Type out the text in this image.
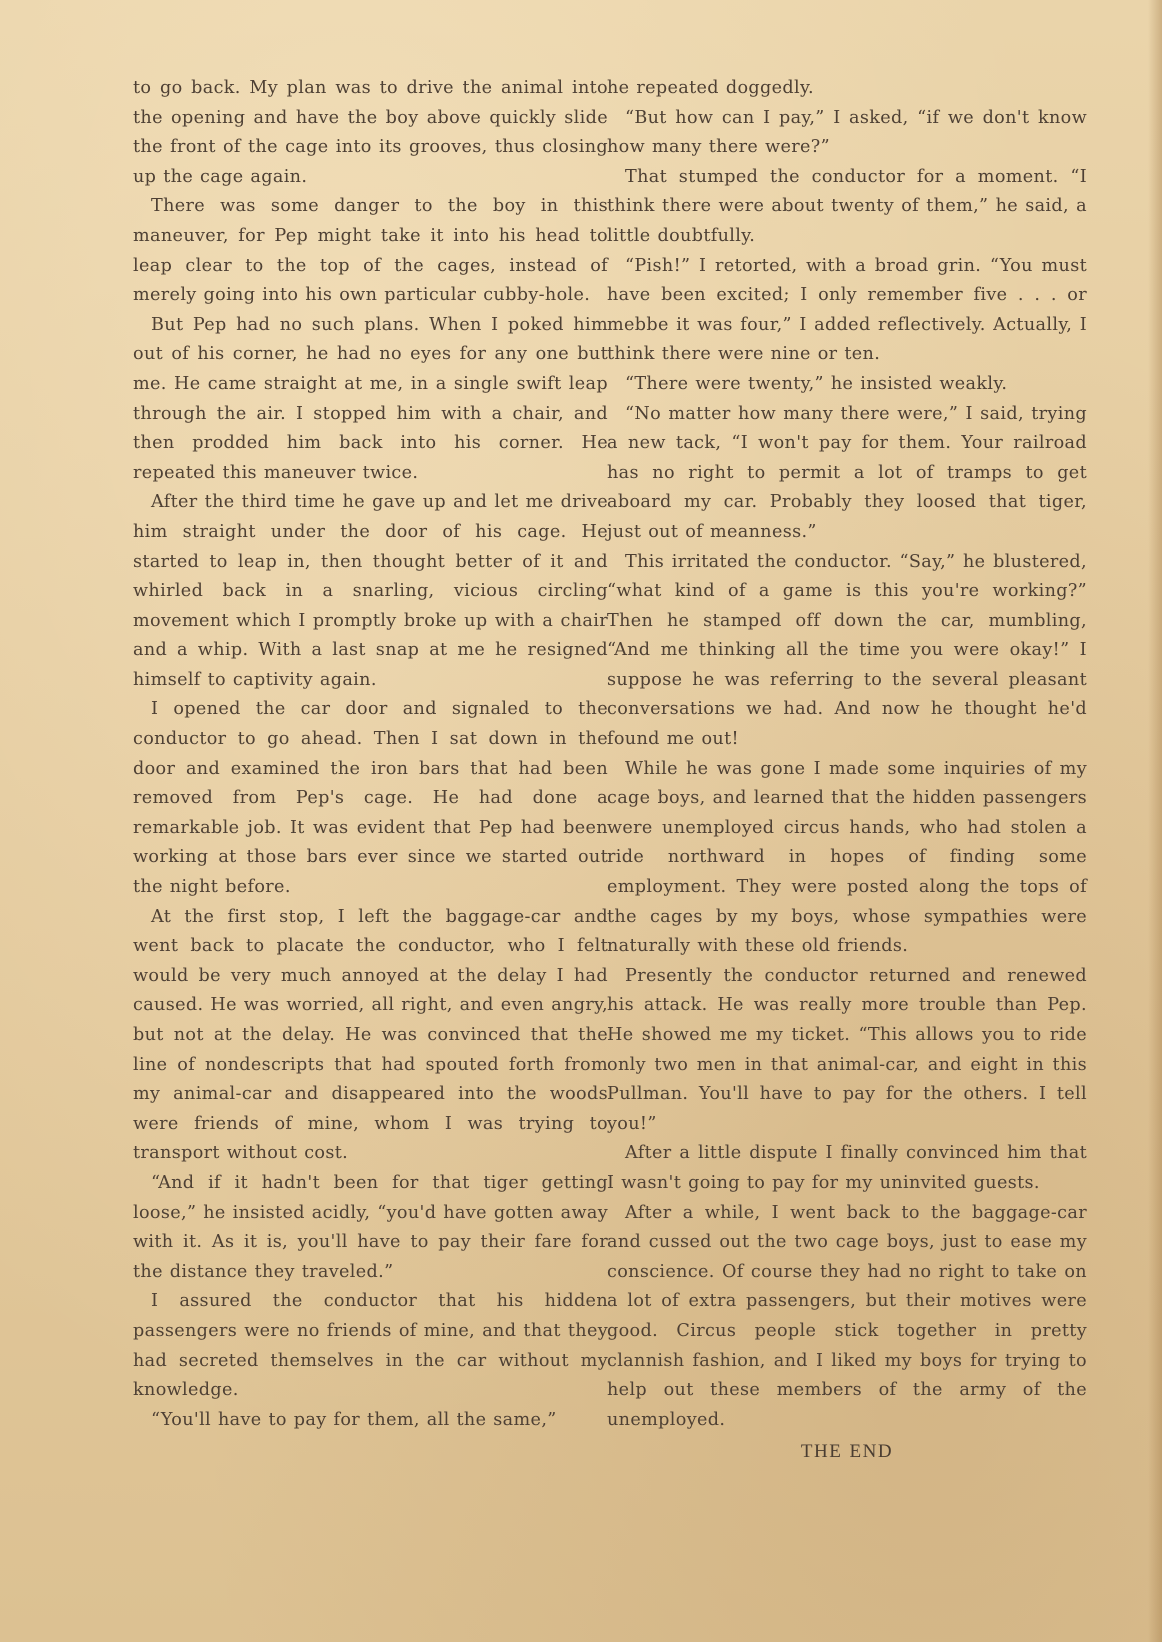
to go back. My plan was to drive the animal into the opening and have the boy above quickly slide the front of the cage into its grooves, thus closing up the cage again.

There was some danger to the boy in this maneuver, for Pep might take it into his head to leap clear to the top of the cages, instead of merely going into his own particular cubby-hole.

But Pep had no such plans. When I poked him out of his corner, he had no eyes for any one but me. He came straight at me, in a single swift leap through the air. I stopped him with a chair, and then prodded him back into his corner. He repeated this maneuver twice.

After the third time he gave up and let me drive him straight under the door of his cage. He started to leap in, then thought better of it and whirled back in a snarling, vicious circling movement which I promptly broke up with a chair and a whip. With a last snap at me he resigned himself to captivity again.

I opened the car door and signaled to the conductor to go ahead. Then I sat down in the door and examined the iron bars that had been removed from Pep's cage. He had done a remarkable job. It was evident that Pep had been working at those bars ever since we started out the night before.

At the first stop, I left the baggage-car and went back to placate the conductor, who I felt would be very much annoyed at the delay I had caused. He was worried, all right, and even angry, but not at the delay. He was convinced that the line of nondescripts that had spouted forth from my animal-car and disappeared into the woods were friends of mine, whom I was trying to transport without cost.

“And if it hadn't been for that tiger getting loose,” he insisted acidly, “you'd have gotten away with it. As it is, you'll have to pay their fare for the distance they traveled.”

I assured the conductor that his hidden passengers were no friends of mine, and that they had secreted themselves in the car without my knowledge.

“You'll have to pay for them, all the same,”

he repeated doggedly.

“But how can I pay,” I asked, “if we don't know how many there were?”

That stumped the conductor for a moment. “I think there were about twenty of them,” he said, a little doubtfully.

“Pish!” I retorted, with a broad grin. “You must have been excited; I only remember five . . . or mebbe it was four,” I added reflectively. Actually, I think there were nine or ten.

“There were twenty,” he insisted weakly.

“No matter how many there were,” I said, trying a new tack, “I won't pay for them. Your railroad has no right to permit a lot of tramps to get aboard my car. Probably they loosed that tiger, just out of meanness.”

This irritated the conductor. “Say,” he blustered, “what kind of a game is this you're working?” Then he stamped off down the car, mumbling, “And me thinking all the time you were okay!” I suppose he was referring to the several pleasant conversations we had. And now he thought he'd found me out!

While he was gone I made some inquiries of my cage boys, and learned that the hidden passengers were unemployed circus hands, who had stolen a ride northward in hopes of finding some employment. They were posted along the tops of the cages by my boys, whose sympathies were naturally with these old friends.

Presently the conductor returned and renewed his attack. He was really more trouble than Pep. He showed me my ticket. “This allows you to ride only two men in that animal-car, and eight in this Pullman. You'll have to pay for the others. I tell you!”

After a little dispute I finally convinced him that I wasn't going to pay for my uninvited guests.

After a while, I went back to the baggage-car and cussed out the two cage boys, just to ease my conscience. Of course they had no right to take on a lot of extra passengers, but their motives were good. Circus people stick together in pretty clannish fashion, and I liked my boys for trying to help out these members of the army of the unemployed.

THE END
